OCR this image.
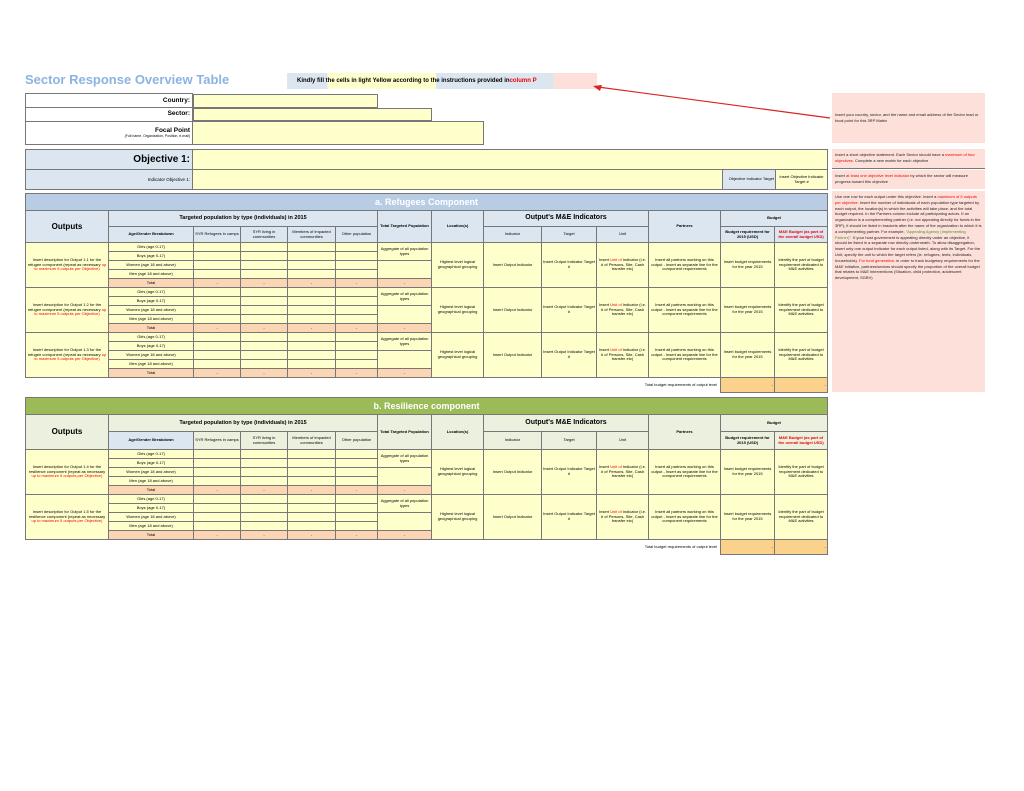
Sector Response Overview Table	Kindly fill the cells in light Yellow according to the instructions provided in column P
Country:	

Sector:	

Focal Point
(Full name, Organization, Position, e-mail)	

Objective 1:			
Indicator Objective 1:		Objective Indicator Target	Insert Objective Indicator Target #
a. Refugees Component													
Outputs	Targeted population by type (individuals) in 2015					Total Targeted Population	Location(s)	Output's M&E Indicators			Partners	Budget	
	Age/Gender Breakdown	SYR Refugees in camps	SYR living in communities	Members of impacted communities	Other population			Indicator	Target	Unit		Budget requirement for 2015 (USD)	M&E Budget (as part of the overall budget USD)
Insert description for Output 1.1 for the refugee component (repeat as necessary up to maximum 5 outputs per Objective)	Girls (age 0-17)					Aggregate of all population types	Highest level logical geographical grouping	Insert Output Indicator	Insert Output Indicator Target #	Insert Unit of Indicator (i.e. # of Persons, Site, Cash transfer etc)	Insert all partners working on this output - Insert as separate line for the component requirements	Insert budget requirements for the year 2015	Identify the part of budget requirement dedicated to M&E activities
	Boys (age 0-17)												
	Women (age 18 and above)												
	Men (age 18 and above)												
	Total	-	-	-	-	-							
Insert description for Output 1.2 for the refugee component (repeat as necessary up to maximum 5 outputs per Objective)	Girls (age 0-17)					Aggregate of all population types	Highest level logical geographical grouping	Insert Output Indicator	Insert Output Indicator Target #	Insert Unit of Indicator (i.e. # of Persons, Site, Cash transfer etc)	Insert all partners working on this output - Insert as separate line for the component requirements	Insert budget requirements for the year 2015	Identify the part of budget requirement dedicated to M&E activities
	Boys (age 0-17)												
	Women (age 18 and above)												
	Men (age 18 and above)												
	Total	-	-	-	-	-							
Insert description for Output 1.3 for the refugee component (repeat as necessary up to maximum 5 outputs per Objective)	Girls (age 0-17)					Aggregate of all population types	Highest level logical geographical grouping	Insert Output Indicator	Insert Output Indicator Target #	Insert Unit of Indicator (i.e. # of Persons, Site, Cash transfer etc)	Insert all partners working on this output - Insert as separate line for the component requirements	Insert budget requirements for the year 2015	Identify the part of budget requirement dedicated to M&E activities
	Boys (age 0-17)												
	Women (age 18 and above)												
	Men (age 18 and above)												
	Total	-	-	-	-	-							
Total budget requirements of output level												-	-
b. Resilience component													
Outputs	Targeted population by type (individuals) in 2015					Total Targeted Population	Location(s)	Output's M&E Indicators			Partners	Budget	
	Age/Gender Breakdown	SYR Refugees in camps	SYR living in communities	Members of impacted communities	Other population			Indicator	Target	Unit		Budget requirement for 2015 (USD)	M&E Budget (as part of the overall budget USD)
Insert description for Output 1.4 for the resilience component (repeat as necessary up to maximum 5 outputs per Objective)	Girls (age 0-17)					Aggregate of all population types	Highest level logical geographical grouping	Insert Output Indicator	Insert Output Indicator Target #	Insert Unit of Indicator (i.e. # of Persons, Site, Cash transfer etc)	Insert all partners working on this output - Insert as separate line for the component requirements	Insert budget requirements for the year 2015	Identify the part of budget requirement dedicated to M&E activities
	Boys (age 0-17)												
	Women (age 18 and above)												
	Men (age 18 and above)												
	Total	-	-	-	-	-							
Insert description for Output 1.5 for the resilience component (repeat as necessary up to maximum 5 outputs per Objective)	Girls (age 0-17)					Aggregate of all population types	Highest level logical geographical grouping	Insert Output Indicator	Insert Output Indicator Target #	Insert Unit of Indicator (i.e. # of Persons, Site, Cash transfer etc)	Insert all partners working on this output - Insert as separate line for the component requirements	Insert budget requirements for the year 2015	Identify the part of budget requirement dedicated to M&E activities
	Boys (age 0-17)												
	Women (age 18 and above)												
	Men (age 18 and above)												
	Total	-	-	-	-	-							
Total budget requirements of output level												-	-
Insert your country, sector, and the name and email address of the Sector lead or focal point for this 3RP Matrix
Insert a short objective statement. Each Sector should have a maximum of four objectives. Complete a new matrix for each objective
Insert at least one objective level indicator by which the sector will measure progress toward this objective
Use one row for each output under this objective. Insert a maximum of 5 outputs per objective. Insert the number of individuals of each population type targeted by each output, the location(s) in which the activities will take place, and the total budget required. In the Partners column include all participating actors. If an organization is a complementing partner (i.e. not appealing directly for funds in the 3RP), it should be listed in brackets after the name of the organization to which it is a complementing partner. For example, "Appealing Agency (Implementing Partner)". If your host government is appealing directly under an objective, it should be listed in a separate row directly underneath. To allow disaggregation, insert only one output indicator for each output listed, along with its Target. For the Unit, specify the unit to which the target refers (ie. refugees, tents, individuals, households). For fund generation, in order to track budgetary requirements for the M&E initiative, partners/sectors should specify the proportion of the overall budget that relates to M&E interventions (Situation, child protection, adolescent development, SGBV)
